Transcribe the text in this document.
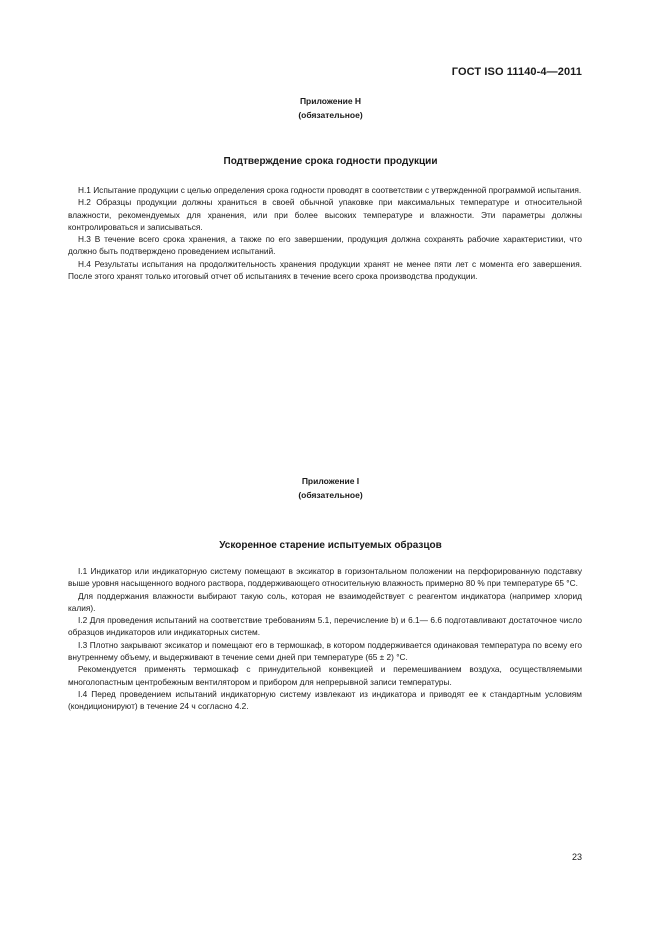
ГОСТ ISO 11140-4—2011
Приложение Н
(обязательное)
Подтверждение срока годности продукции

Н.1 Испытание продукции с целью определения срока годности проводят в соответствии с утвержденной программой испытания.

Н.2 Образцы продукции должны храниться в своей обычной упаковке при максимальных температуре и относительной влажности, рекомендуемых для хранения, или при более высоких температуре и влажности. Эти параметры должны контролироваться и записываться.

Н.3 В течение всего срока хранения, а также по его завершении, продукция должна сохранять рабочие характеристики, что должно быть подтверждено проведением испытаний.

Н.4 Результаты испытания на продолжительность хранения продукции хранят не менее пяти лет с момента его завершения. После этого хранят только итоговый отчет об испытаниях в течение всего срока производства продукции.

Приложение I
(обязательное)
Ускоренное старение испытуемых образцов

I.1 Индикатор или индикаторную систему помещают в эксикатор в горизонтальном положении на перфорированную подставку выше уровня насыщенного водного раствора, поддерживающего относительную влажность примерно 80 % при температуре 65 °С.

Для поддержания влажности выбирают такую соль, которая не взаимодействует с реагентом индикатора (например хлорид калия).

I.2 Для проведения испытаний на соответствие требованиям 5.1, перечисление b) и 6.1— 6.6 подготавливают достаточное число образцов индикаторов или индикаторных систем.

I.3 Плотно закрывают эксикатор и помещают его в термошкаф, в котором поддерживается одинаковая температура по всему его внутреннему объему, и выдерживают в течение семи дней при температуре (65 ± 2) °С.

Рекомендуется применять термошкаф с принудительной конвекцией и перемешиванием воздуха, осуществляемыми многолопастным центробежным вентилятором и прибором для непрерывной записи температуры.

I.4 Перед проведением испытаний индикаторную систему извлекают из индикатора и приводят ее к стандартным условиям (кондиционируют) в течение 24 ч согласно 4.2.

23
